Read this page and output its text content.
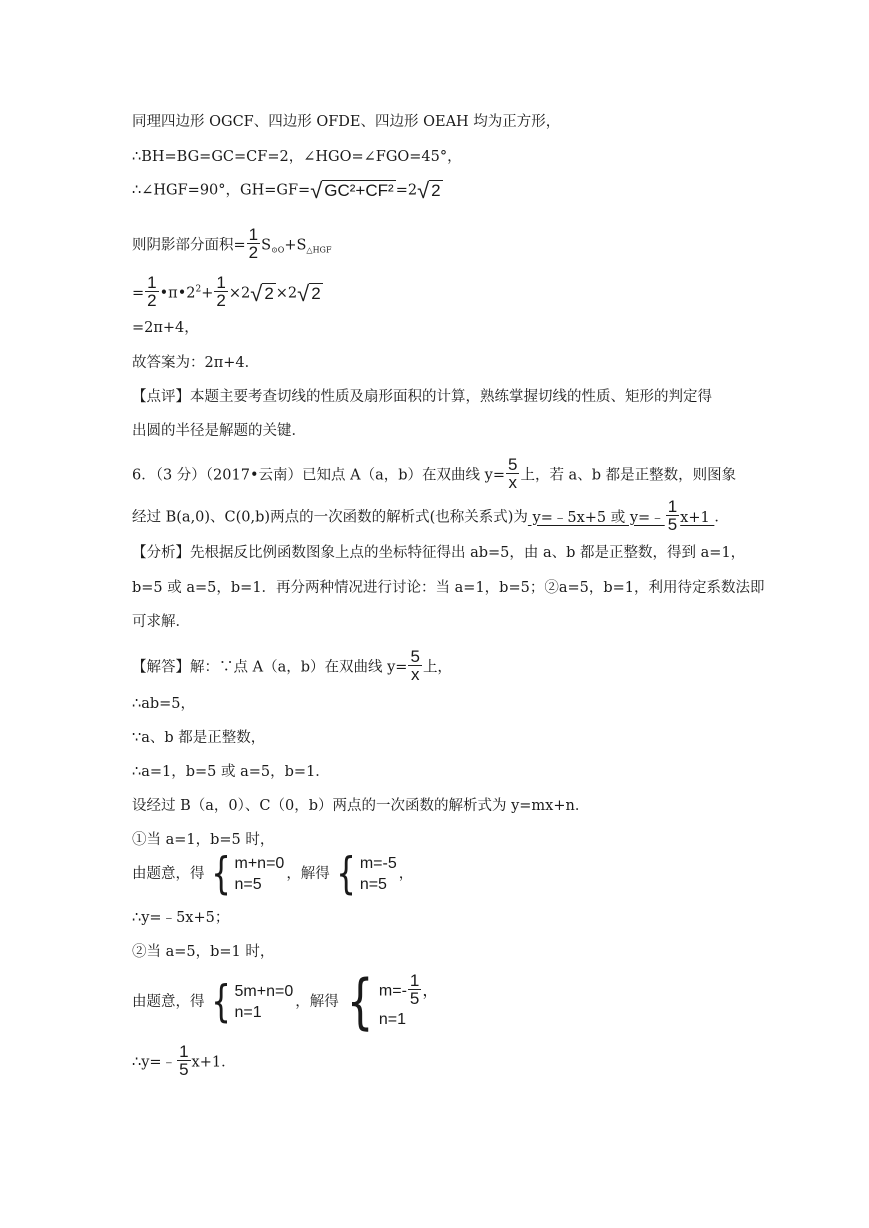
同理四边形 OGCF、四边形 OFDE、四边形 OEAH 均为正方形，
∴BH=BG=GC=CF=2，∠HGO=∠FGO=45°，
∴∠HGF=90°，GH=GF=√ GC²+CF² =2√ 2
则阴影部分面积= $\frac{1}{2} S_{⊙O}+S_{\triangle HGF}$
= $\frac{1}{2}$ $•\pi•2^2+ \frac{1}{2} \times 2√$ 2 ×2√ 2
=2π+4，
故答案为：2π+4．
【点评】本题主要考查切线的性质及扇形面积的计算，熟练掌握切线的性质、矩形的判定得
出圆的半径是解题的关键．
6．（3 分）（2017•云南）已知点 A（a，b）在双曲线 $y= \frac{5}{x}$ 上，若 a、b 都是正整数，则图象
经过 B(a,0)、C(0,b)两点的一次函数的解析式(也称关系式)为 y=﹣5x+5 或 y=﹣ $\frac{1}{5} x+1$ ．
【分析】先根据反比例函数图象上点的坐标特征得出 ab=5，由 a、b 都是正整数，得到 a=1，
b=5 或 a=5，b=1．再分两种情况进行讨论：当 a=1，b=5；②a=5，b=1，利用待定系数法即
可求解．
【解答】解：∵点 A（a，b）在双曲线 $y= \frac{5}{x}$ 上，
∴ab=5，
∵a、b 都是正整数，
∴a=1，b=5 或 a=5，b=1．
设经过 B（a，0）、C（0，b）两点的一次函数的解析式为 y=mx+n．
①当 a=1，b=5 时，
由题意，得 { m+n=0
n=5
，解得 { m=-5
n=5
，
∴y=﹣5x+5；
②当 a=5，b=1 时，
由题意，得 { 5m+n=0
n=1
，解得 { $m=- \frac{1}{5}$ ，
n=1
∴y=﹣ $\frac{1}{5} x+1$．
